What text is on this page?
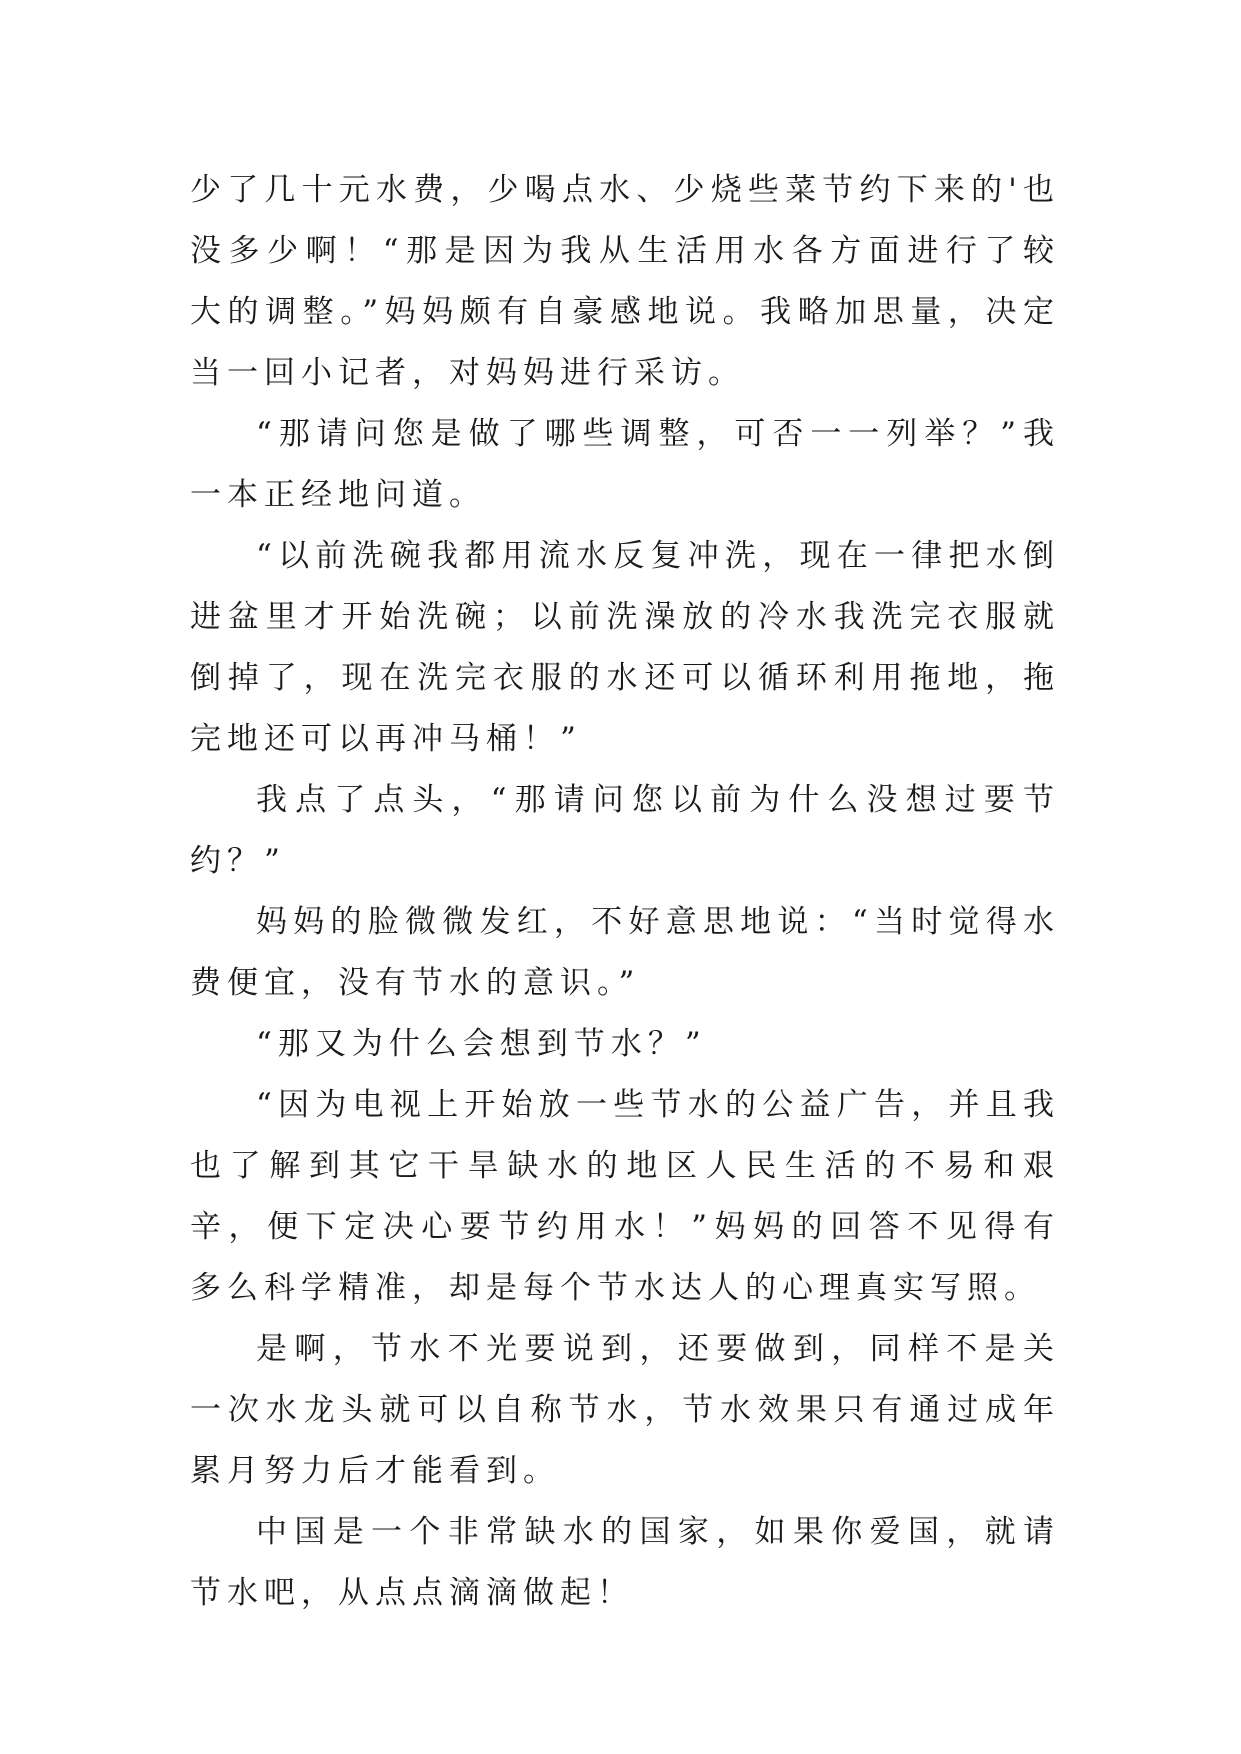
少了几十元水费，少喝点水、少烧些菜节约下来的'也没多少啊！“那是因为我从生活用水各方面进行了较大的调整。”妈妈颇有自豪感地说。我略加思量，决定当一回小记者，对妈妈进行采访。

“那请问您是做了哪些调整，可否一一列举？”我一本正经地问道。

“以前洗碗我都用流水反复冲洗，现在一律把水倒进盆里才开始洗碗；以前洗澡放的冷水我洗完衣服就倒掉了，现在洗完衣服的水还可以循环利用拖地，拖完地还可以再冲马桶！”

我点了点头，“那请问您以前为什么没想过要节约？”

妈妈的脸微微发红，不好意思地说：“当时觉得水费便宜，没有节水的意识。”

“那又为什么会想到节水？”

“因为电视上开始放一些节水的公益广告，并且我也了解到其它干旱缺水的地区人民生活的不易和艰辛，便下定决心要节约用水！”妈妈的回答不见得有多么科学精准，却是每个节水达人的心理真实写照。

是啊，节水不光要说到，还要做到，同样不是关一次水龙头就可以自称节水，节水效果只有通过成年累月努力后才能看到。

中国是一个非常缺水的国家，如果你爱国，就请节水吧，从点点滴滴做起！
